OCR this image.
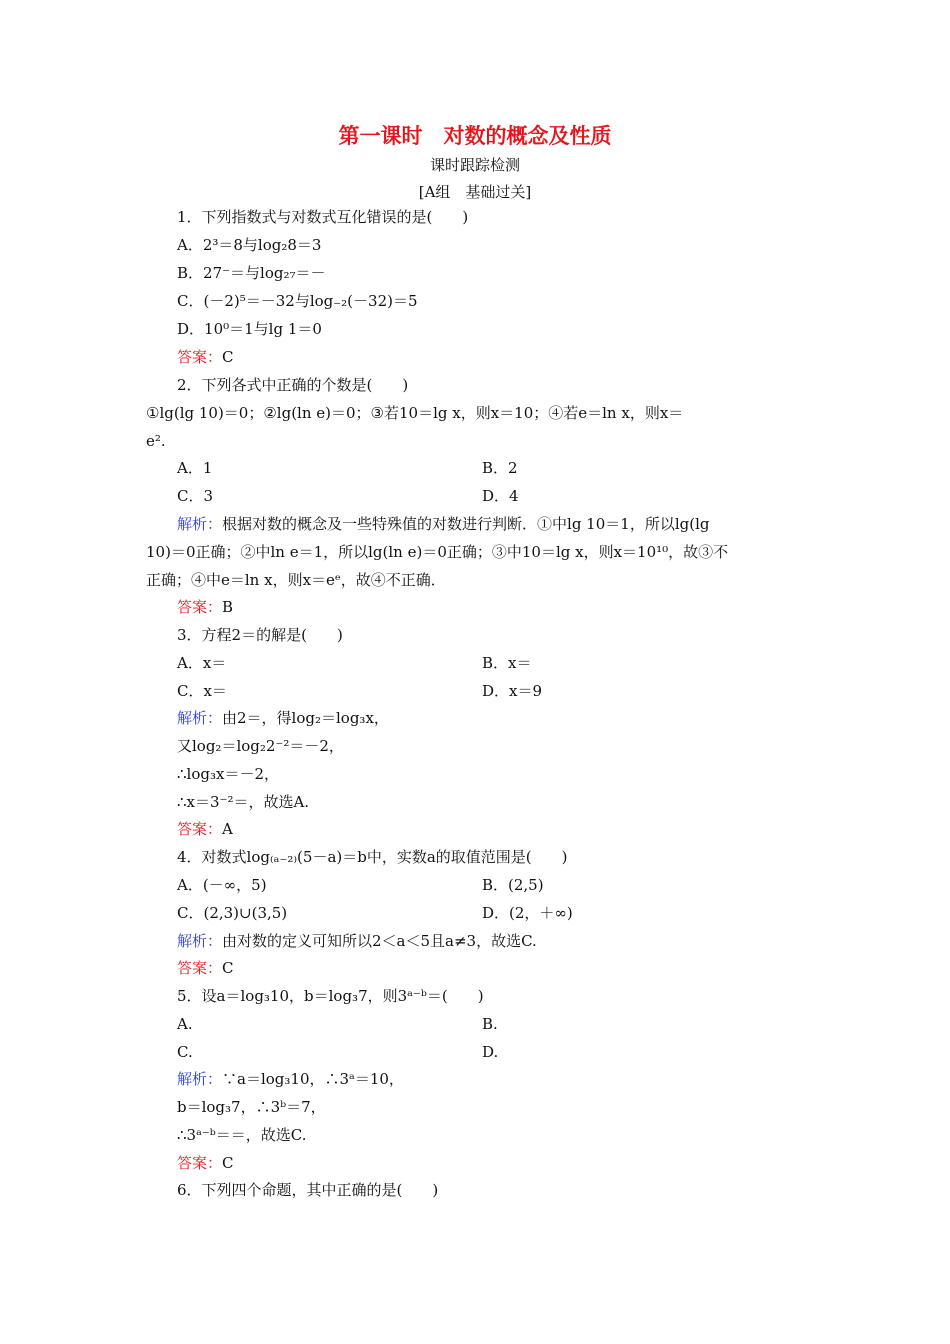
第一课时　对数的概念及性质
课时跟踪检测
[A组　基础过关]
1．下列指数式与对数式互化错误的是(　　)
A．2³＝8与log₂8＝3
B．27⁻＝与log₂₇＝－
C．(－2)⁵＝－32与log₋₂(－32)＝5
D．10⁰＝1与lg 1＝0
答案：C
2．下列各式中正确的个数是(　　)
①lg(lg 10)＝0；②lg(ln e)＝0；③若10＝lg x，则x＝10；④若e＝ln x，则x＝
e².
A．1	B．2
C．3	D．4
解析：根据对数的概念及一些特殊值的对数进行判断．①中lg 10＝1，所以lg(lg
10)＝0正确；②中ln e＝1，所以lg(ln e)＝0正确；③中10＝lg x，则x＝10¹⁰，故③不
正确；④中e＝ln x，则x＝eᵉ，故④不正确．
答案：B
3．方程2＝的解是(　　)
A．x＝	B．x＝
C．x＝	D．x＝9
解析：由2＝，得log₂＝log₃x，
又log₂＝log₂2⁻²＝－2，
∴log₃x＝－2，
∴x＝3⁻²＝，故选A.
答案：A
4．对数式log₍ₐ₋₂₎(5－a)＝b中，实数a的取值范围是(　　)
A．(－∞，5)	B．(2,5)
C．(2,3)∪(3,5)	D．(2，＋∞)
解析：由对数的定义可知所以2＜a＜5且a≠3，故选C.
答案：C
5．设a＝log₃10，b＝log₃7，则3ᵃ⁻ᵇ＝(　　)
A.	B.
C.	D.
解析：∵a＝log₃10，∴3ᵃ＝10，
b＝log₃7，∴3ᵇ＝7，
∴3ᵃ⁻ᵇ＝＝，故选C.
答案：C
6．下列四个命题，其中正确的是(　　)
